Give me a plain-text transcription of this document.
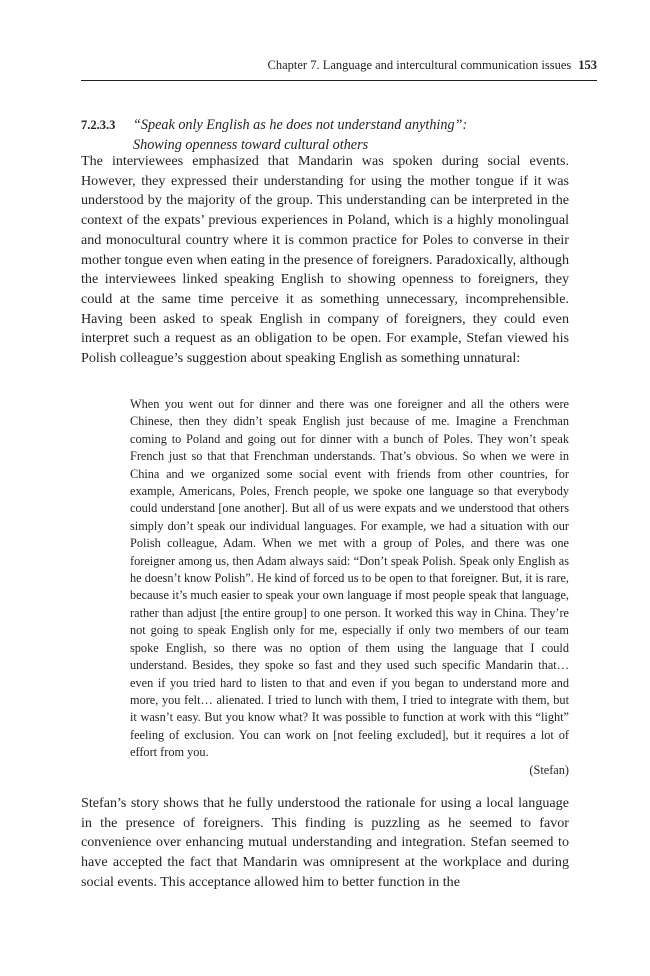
Chapter 7. Language and intercultural communication issues 153
7.2.3.3 “Speak only English as he does not understand anything”:
Showing openness toward cultural others

The interviewees emphasized that Mandarin was spoken during social events. However, they expressed their understanding for using the mother tongue if it was understood by the majority of the group. This understanding can be interpreted in the context of the expats’ previous experiences in Poland, which is a highly monolingual and monocultural country where it is common practice for Poles to converse in their mother tongue even when eating in the presence of foreigners. Paradoxically, although the interviewees linked speaking English to showing openness to foreigners, they could at the same time perceive it as something unnecessary, incomprehensible. Having been asked to speak English in company of foreigners, they could even interpret such a request as an obligation to be open. For example, Stefan viewed his Polish colleague’s suggestion about speaking English as something unnatural:

When you went out for dinner and there was one foreigner and all the others were Chinese, then they didn’t speak English just because of me. Imagine a Frenchman coming to Poland and going out for dinner with a bunch of Poles. They won’t speak French just so that that Frenchman understands. That’s obvious. So when we were in China and we organized some social event with friends from other countries, for example, Americans, Poles, French people, we spoke one language so that everybody could understand [one another]. But all of us were expats and we understood that others simply don’t speak our individual languages. For example, we had a situation with our Polish colleague, Adam. When we met with a group of Poles, and there was one foreigner among us, then Adam always said: “Don’t speak Polish. Speak only English as he doesn’t know Polish”. He kind of forced us to be open to that foreigner. But, it is rare, because it’s much easier to speak your own language if most people speak that language, rather than adjust [the entire group] to one person. It worked this way in China. They’re not going to speak English only for me, especially if only two members of our team spoke English, so there was no option of them using the language that I could understand. Besides, they spoke so fast and they used such specific Mandarin that… even if you tried hard to listen to that and even if you began to understand more and more, you felt… alienated. I tried to lunch with them, I tried to integrate with them, but it wasn’t easy. But you know what? It was possible to function at work with this “light” feeling of exclusion. You can work on [not feeling excluded], but it requires a lot of effort from you.
(Stefan)

Stefan’s story shows that he fully understood the rationale for using a local language in the presence of foreigners. This finding is puzzling as he seemed to favor convenience over enhancing mutual understanding and integration. Stefan seemed to have accepted the fact that Mandarin was omnipresent at the workplace and during social events. This acceptance allowed him to better function in the
